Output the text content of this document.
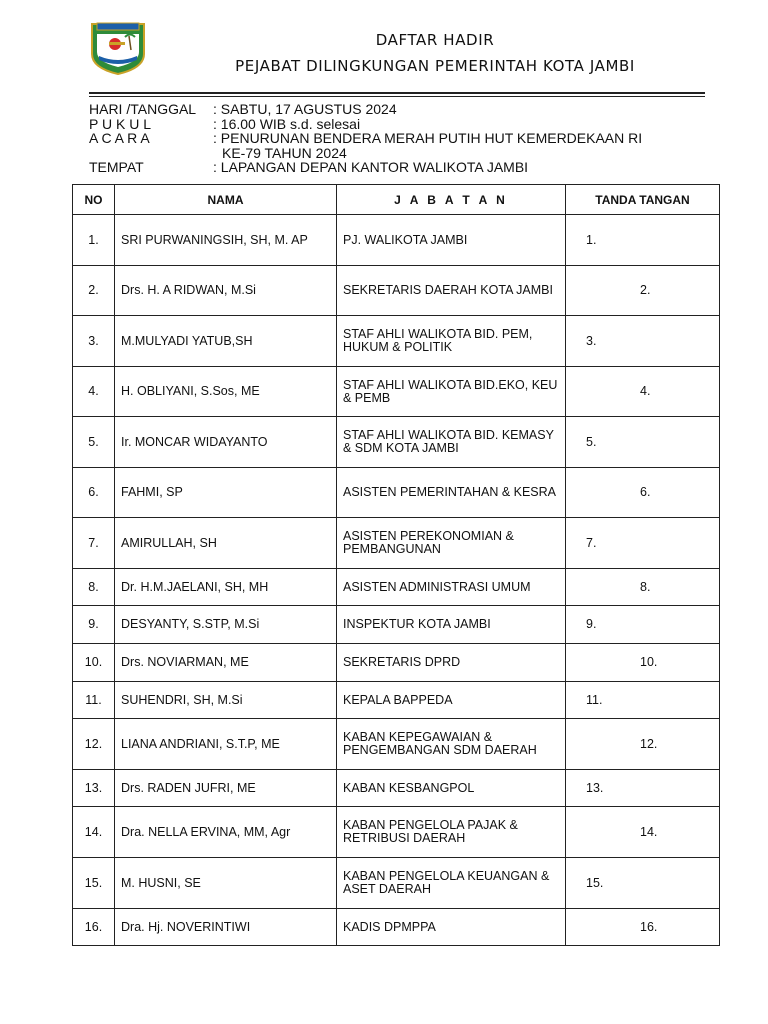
DAFTAR HADIR
PEJABAT DILINGKUNGAN PEMERINTAH KOTA JAMBI
HARI /TANGGAL	: SABTU, 17 AGUSTUS 2024
P U K U L	: 16.00 WIB s.d. selesai
A C A R A	: PENURUNAN BENDERA MERAH PUTIH HUT KEMERDEKAAN RI
KE-79 TAHUN 2024
TEMPAT	: LAPANGAN DEPAN KANTOR WALIKOTA JAMBI
NO	NAMA	J A B A T A N	TANDA TANGAN
1.	SRI PURWANINGSIH, SH, M. AP	PJ. WALIKOTA JAMBI	1.

2.	Drs. H. A RIDWAN, M.Si	SEKRETARIS DAERAH KOTA JAMBI	2.

3.	M.MULYADI YATUB,SH	STAF AHLI WALIKOTA BID. PEM, HUKUM & POLITIK	3.

4.	H. OBLIYANI, S.Sos, ME	STAF AHLI WALIKOTA BID.EKO, KEU & PEMB	4.

5.	Ir. MONCAR WIDAYANTO	STAF AHLI WALIKOTA BID. KEMASY & SDM KOTA JAMBI	5.

6.	FAHMI, SP	ASISTEN PEMERINTAHAN & KESRA	6.

7.	AMIRULLAH, SH	ASISTEN PEREKONOMIAN & PEMBANGUNAN	7.

8.	Dr. H.M.JAELANI, SH, MH	ASISTEN ADMINISTRASI UMUM	8.

9.	DESYANTY, S.STP, M.Si	INSPEKTUR KOTA JAMBI	9.

10.	Drs. NOVIARMAN, ME	SEKRETARIS DPRD	10.

11.	SUHENDRI, SH, M.Si	KEPALA BAPPEDA	11.

12.	LIANA ANDRIANI, S.T.P, ME	KABAN KEPEGAWAIAN & PENGEMBANGAN SDM DAERAH	12.

13.	Drs. RADEN JUFRI, ME	KABAN KESBANGPOL	13.

14.	Dra. NELLA ERVINA, MM, Agr	KABAN PENGELOLA PAJAK & RETRIBUSI DAERAH	14.

15.	M. HUSNI, SE	KABAN PENGELOLA KEUANGAN & ASET DAERAH	15.

16.	Dra. Hj. NOVERINTIWI	KADIS DPMPPA	16.
